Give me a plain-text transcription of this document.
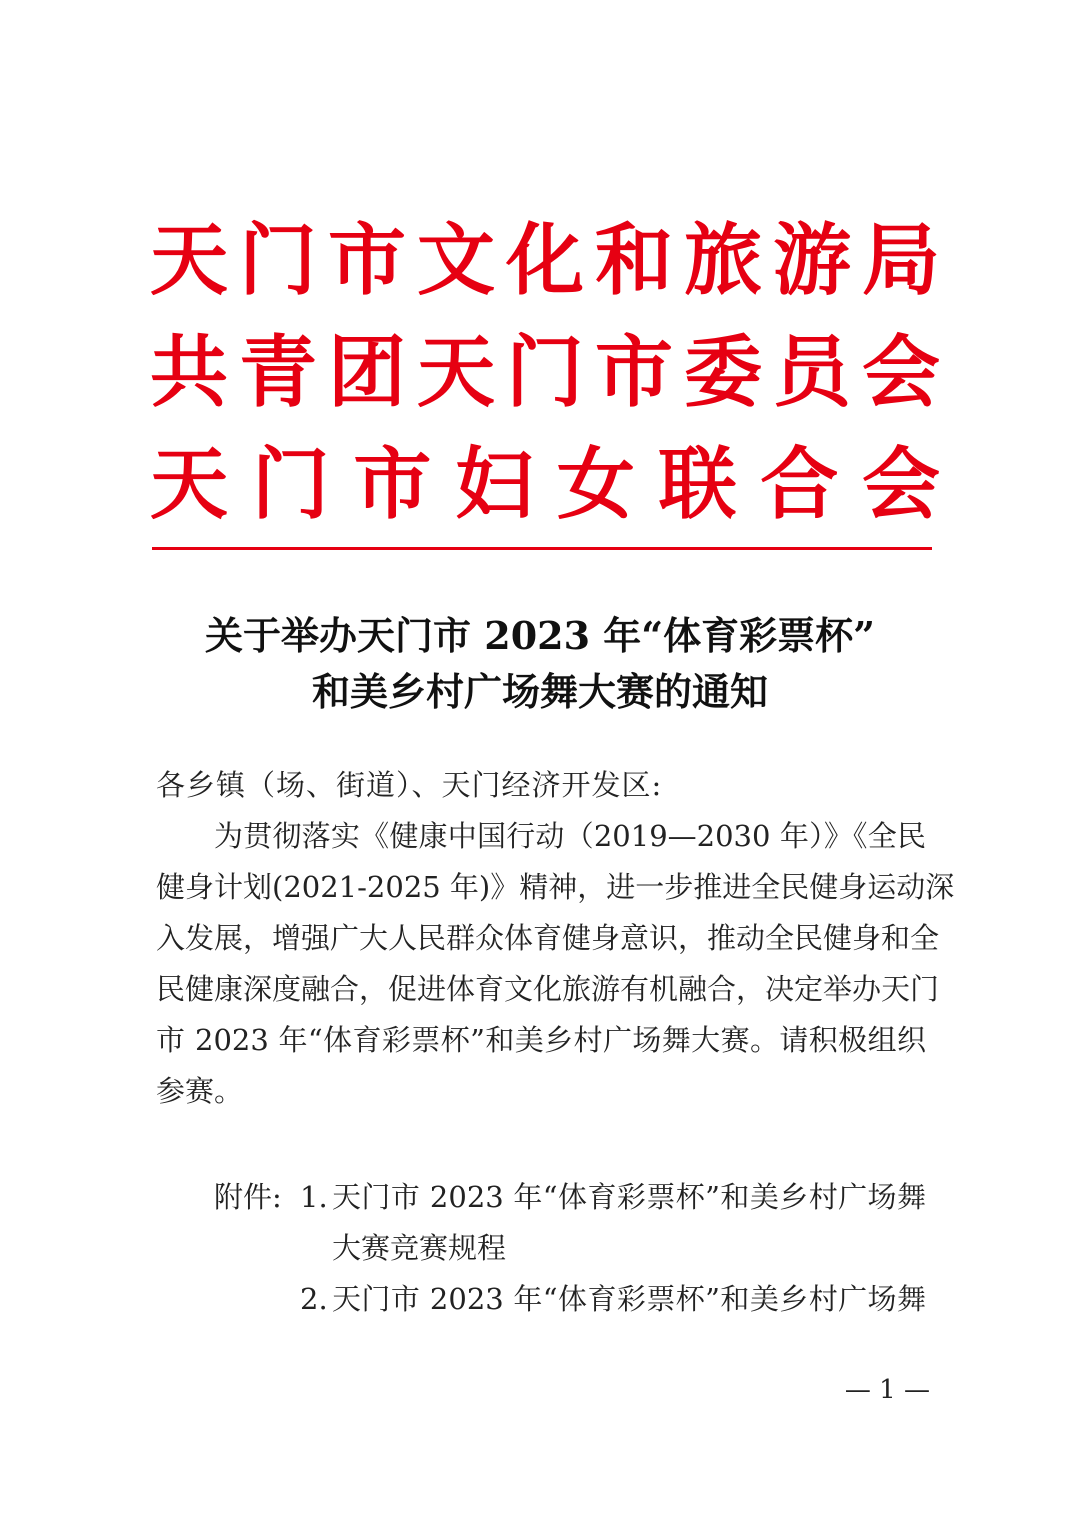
天门市文化和旅游局
共青团天门市委员会
天门市妇女联合会
关于举办天门市 2023 年“体育彩票杯”
和美乡村广场舞大赛的通知
各乡镇（场、街道）、天门经济开发区:
为贯彻落实《健康中国行动（2019—2030 年）》《全民
健身计划(2021-2025 年)》精神，进一步推进全民健身运动深
入发展，增强广大人民群众体育健身意识，推动全民健身和全
民健康深度融合，促进体育文化旅游有机融合，决定举办天门
市 2023 年“体育彩票杯”和美乡村广场舞大赛。请积极组织
参赛。
附件: 1. 天门市 2023 年“体育彩票杯”和美乡村广场舞
大赛竞赛规程
2. 天门市 2023 年“体育彩票杯”和美乡村广场舞
— 1 —
